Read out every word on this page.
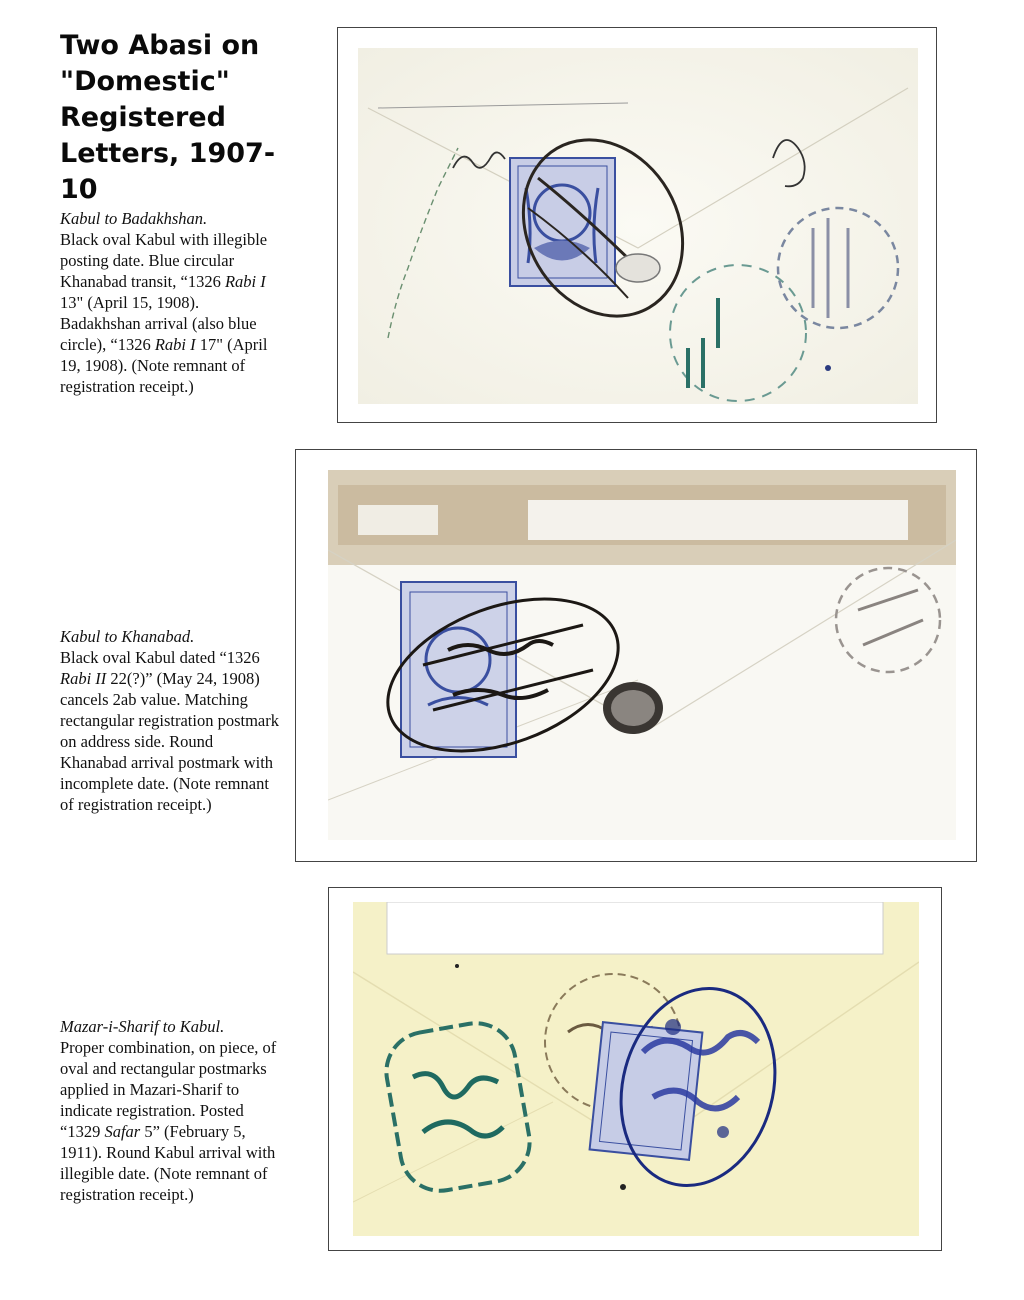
Two Abasi on
"Domestic"
Registered
Letters, 1907-10

Kabul to Badakhshan.
Black oval Kabul with illegible posting date. Blue circular Khanabad transit, “1326 Rabi I 13" (April 15, 1908). Badakhshan arrival (also blue circle), “1326 Rabi I 17" (April 19, 1908). (Note remnant of registration receipt.)

Kabul to Khanabad.
Black oval Kabul dated “1326 Rabi II 22(?)” (May 24, 1908) cancels 2ab value. Matching rectangular registration postmark on address side. Round Khanabad arrival postmark with incomplete date. (Note remnant of registration receipt.)

Mazar-i-Sharif to Kabul.
Proper combination, on piece, of oval and rectangular postmarks applied in Mazari-Sharif to indicate registration. Posted “1329 Safar 5” (February 5, 1911). Round Kabul arrival with illegible date. (Note remnant of registration receipt.)
